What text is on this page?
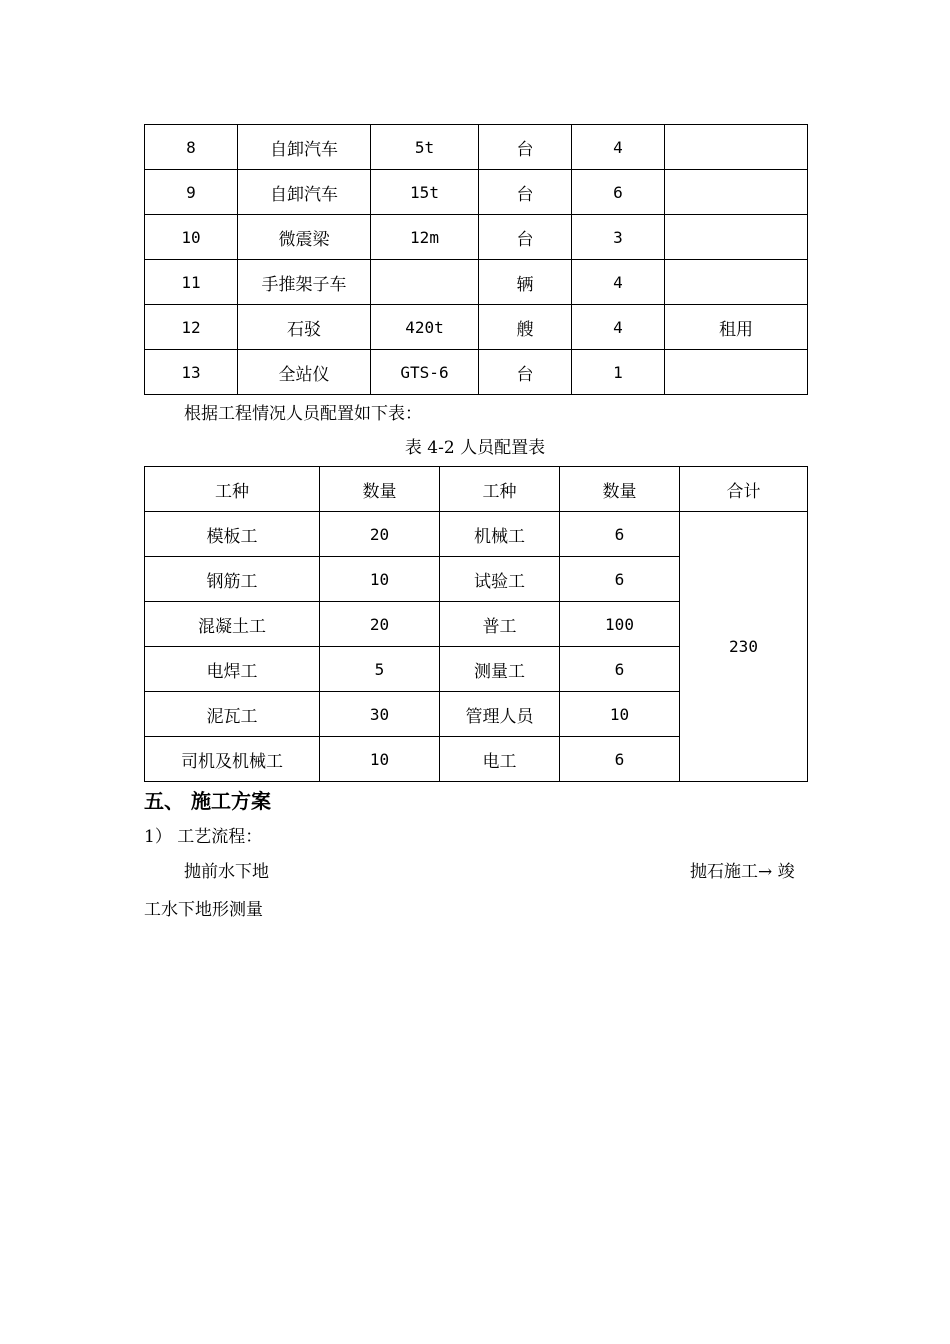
8	自卸汽车	5t	台	4	
9	自卸汽车	15t	台	6	
10	微震梁	12m	台	3	
11	手推架子车		辆	4	
12	石驳	420t	艘	4	租用
13	全站仪	GTS-6	台	1	
根据工程情况人员配置如下表：
表 4-2 人员配置表
工种	数量	工种	数量	合计
模板工	20	机械工	6	230
钢筋工	10	试验工	6	
混凝土工	20	普工	100	
电焊工	5	测量工	6	
泥瓦工	30	管理人员	10	
司机及机械工	10	电工	6	
五、 施工方案
1） 工艺流程：
抛前水下地	抛石施工→ 竣
工水下地形测量
